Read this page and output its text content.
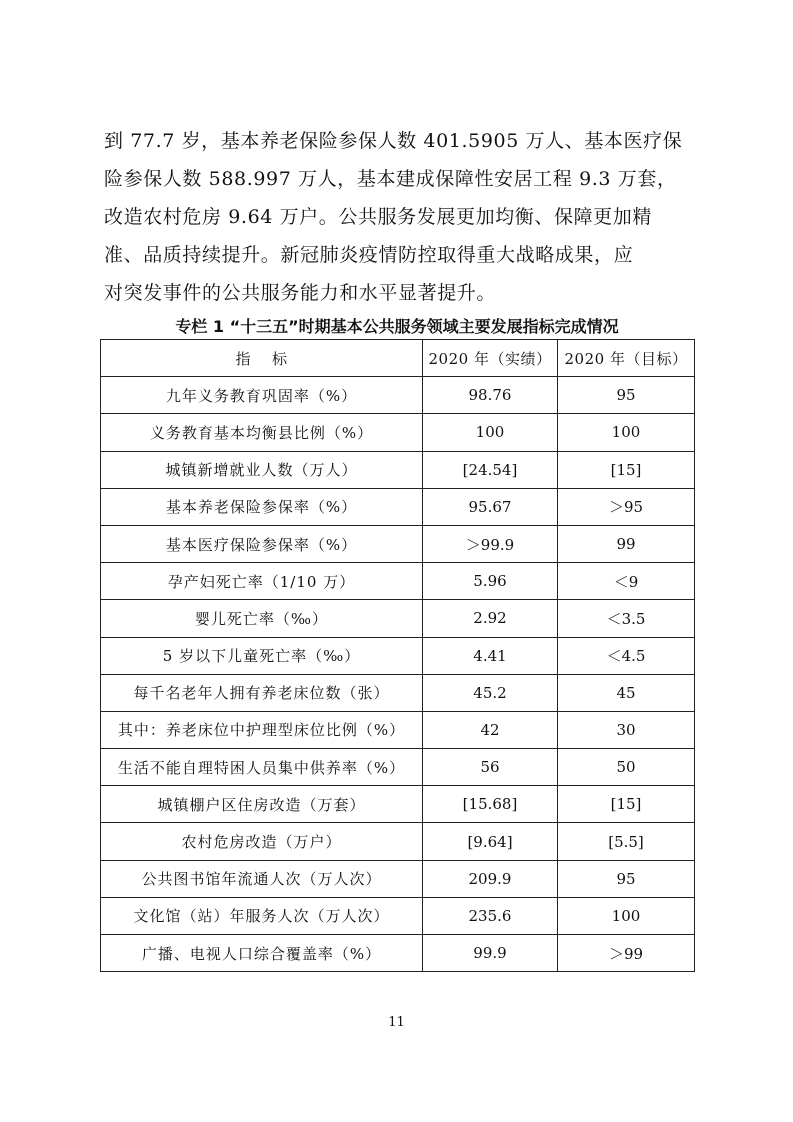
到 77.7 岁，基本养老保险参保人数 401.5905 万人、基本医疗保
险参保人数 588.997 万人，基本建成保障性安居工程 9.3 万套，
改造农村危房 9.64 万户。公共服务发展更加均衡、保障更加精
准、品质持续提升。新冠肺炎疫情防控取得重大战略成果，应
对突发事件的公共服务能力和水平显著提升。
专栏 1 “十三五”时期基本公共服务领域主要发展指标完成情况
指    标	2020 年（实绩）	2020 年（目标）
九年义务教育巩固率（%）	98.76	95
义务教育基本均衡县比例（%）	100	100
城镇新增就业人数（万人）	[24.54]	[15]
基本养老保险参保率（%）	95.67	＞95
基本医疗保险参保率（%）	＞99.9	99
孕产妇死亡率（1/10 万）	5.96	＜9
婴儿死亡率（‰）	2.92	＜3.5
5 岁以下儿童死亡率（‰）	4.41	＜4.5
每千名老年人拥有养老床位数（张）	45.2	45
其中：养老床位中护理型床位比例（%）	42	30
生活不能自理特困人员集中供养率（%）	56	50
城镇棚户区住房改造（万套）	[15.68]	[15]
农村危房改造（万户）	[9.64]	[5.5]
公共图书馆年流通人次（万人次）	209.9	95
文化馆（站）年服务人次（万人次）	235.6	100
广播、电视人口综合覆盖率（%）	99.9	＞99
11
